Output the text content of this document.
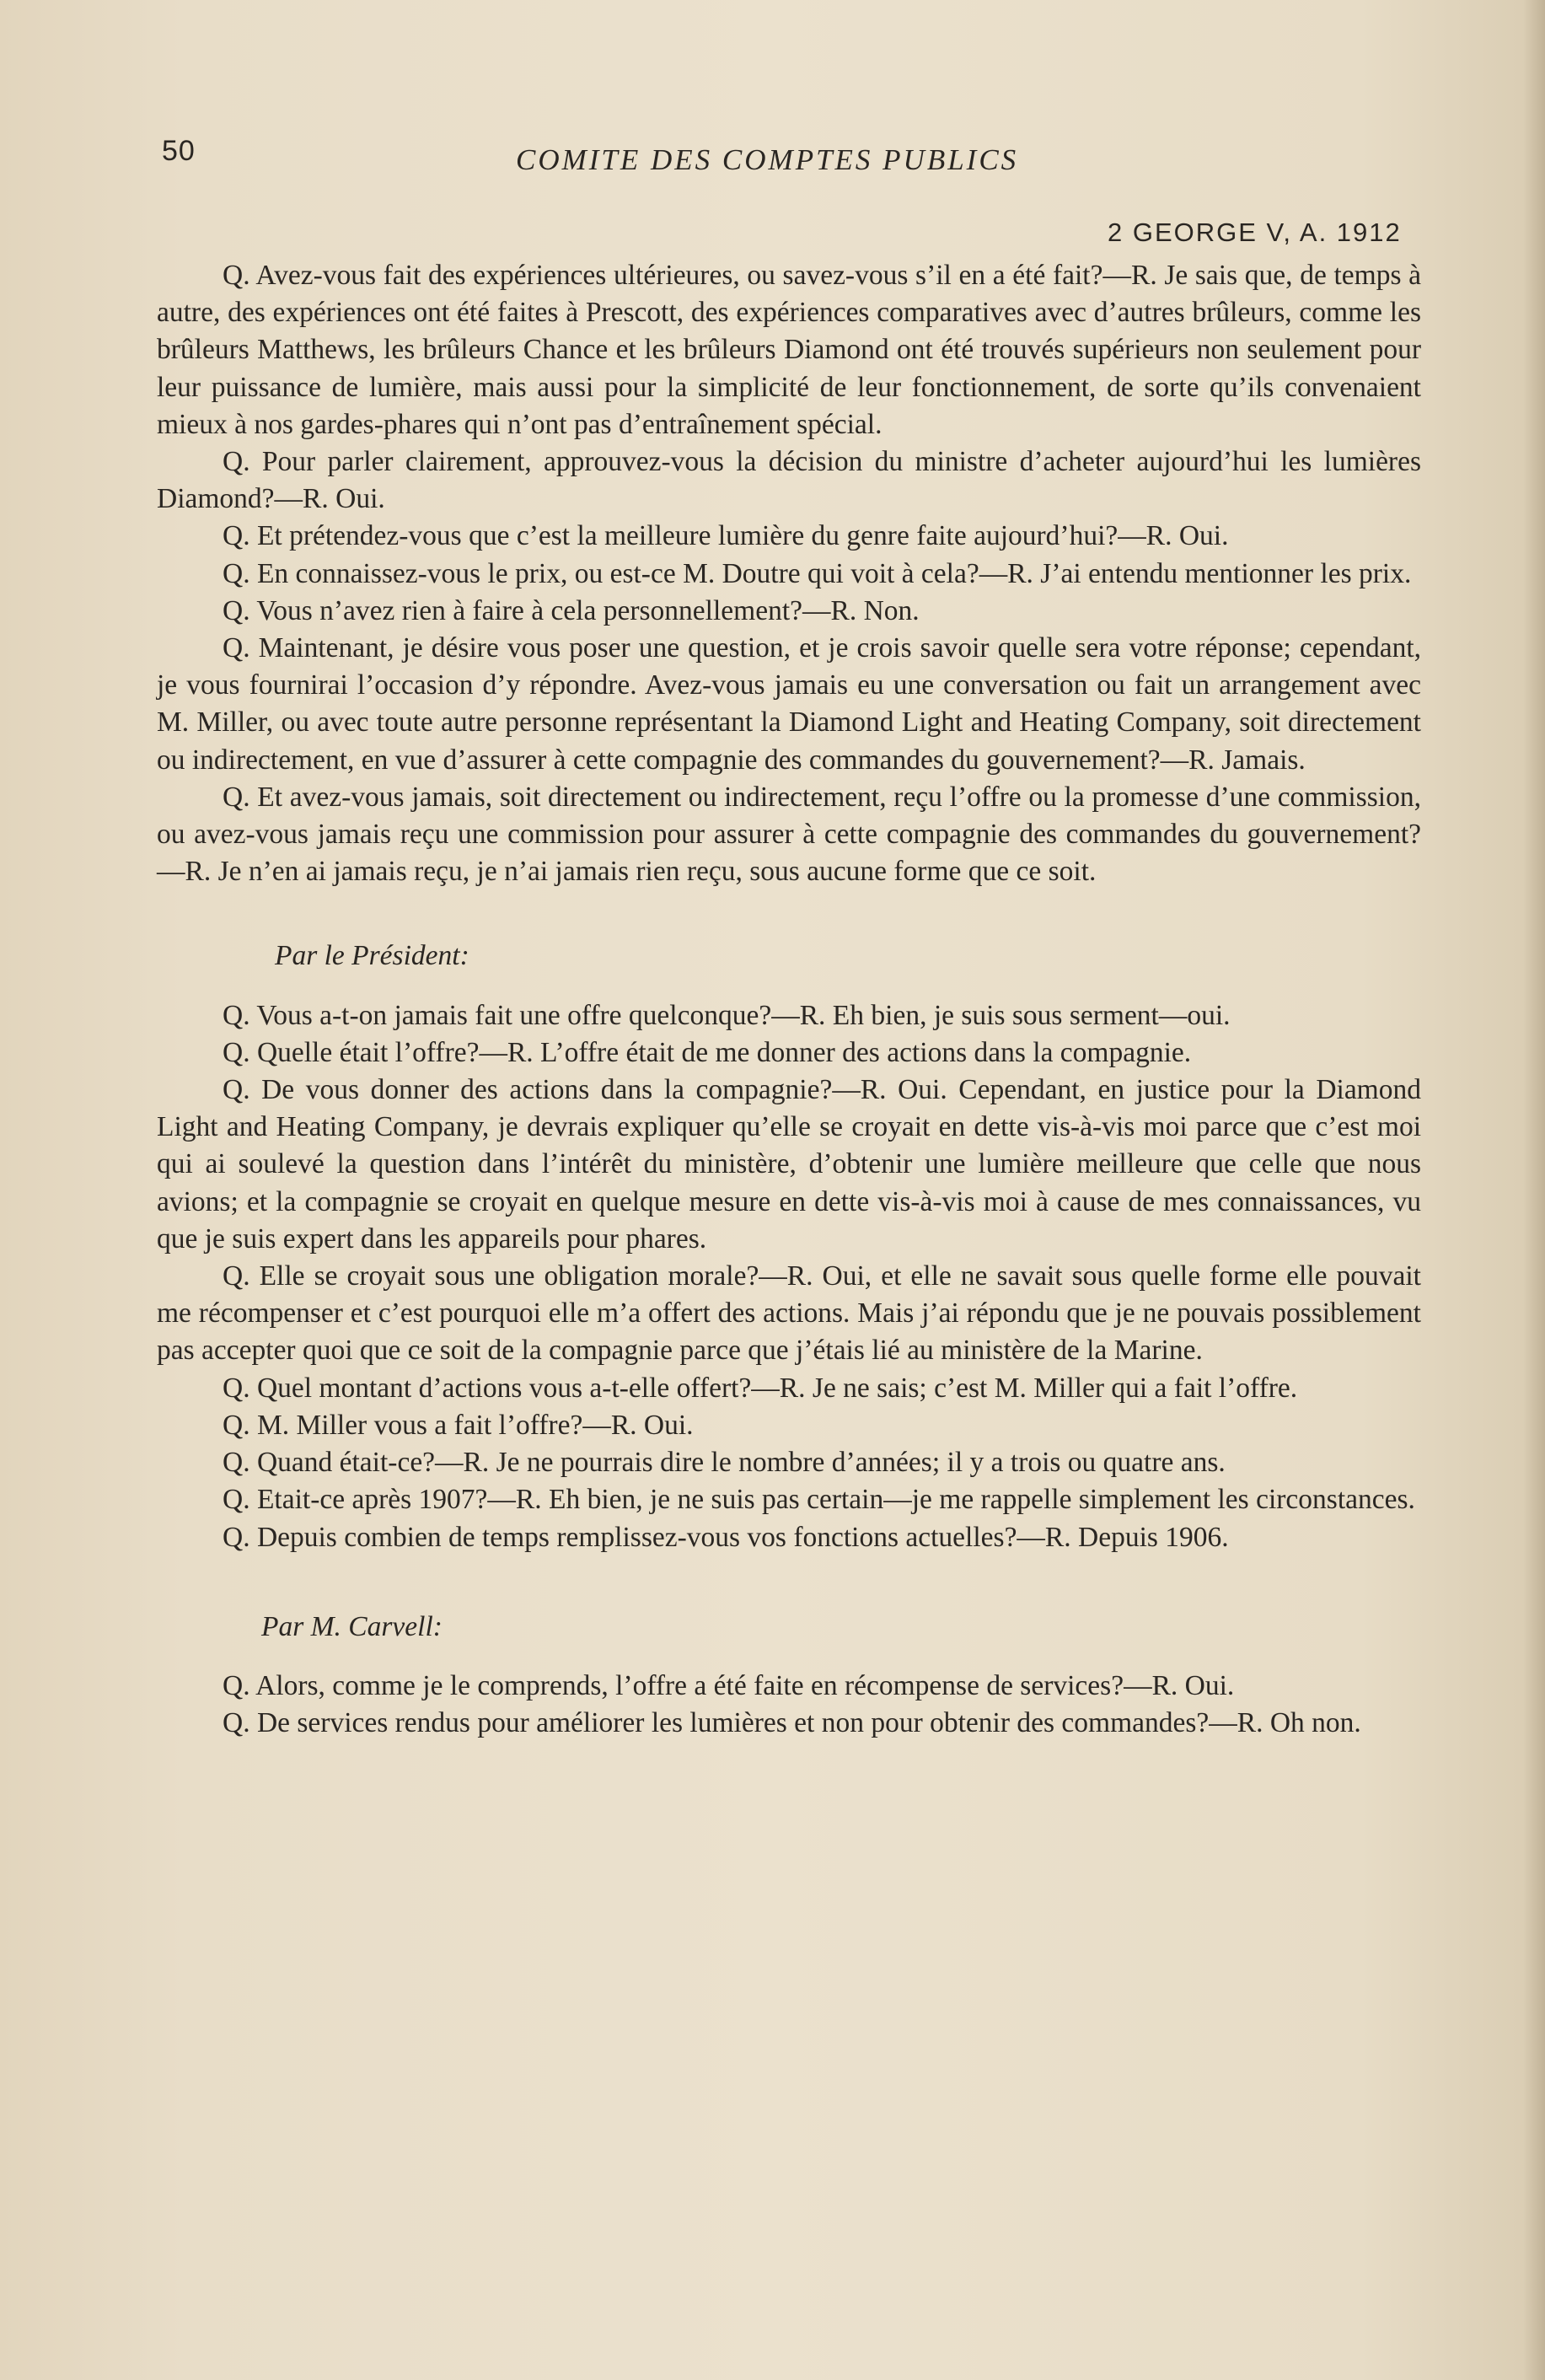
50	COMITE DES COMPTES PUBLICS
2 GEORGE V, A. 1912

Q. Avez-vous fait des expériences ultérieures, ou savez-vous s’il en a été fait?—R. Je sais que, de temps à autre, des expériences ont été faites à Prescott, des expériences comparatives avec d’autres brûleurs, comme les brûleurs Matthews, les brûleurs Chance et les brûleurs Diamond ont été trouvés supérieurs non seulement pour leur puissance de lumière, mais aussi pour la simplicité de leur fonctionnement, de sorte qu’ils convenaient mieux à nos gardes-phares qui n’ont pas d’entraînement spécial.

Q. Pour parler clairement, approuvez-vous la décision du ministre d’acheter aujourd’hui les lumières Diamond?—R. Oui.

Q. Et prétendez-vous que c’est la meilleure lumière du genre faite aujourd’hui?—R. Oui.

Q. En connaissez-vous le prix, ou est-ce M. Doutre qui voit à cela?—R. J’ai entendu mentionner les prix.

Q. Vous n’avez rien à faire à cela personnellement?—R. Non.

Q. Maintenant, je désire vous poser une question, et je crois savoir quelle sera votre réponse; cependant, je vous fournirai l’occasion d’y répondre. Avez-vous jamais eu une conversation ou fait un arrangement avec M. Miller, ou avec toute autre personne représentant la Diamond Light and Heating Company, soit directement ou indirectement, en vue d’assurer à cette compagnie des commandes du gouvernement?—R. Jamais.

Q. Et avez-vous jamais, soit directement ou indirectement, reçu l’offre ou la promesse d’une commission, ou avez-vous jamais reçu une commission pour assurer à cette compagnie des commandes du gouvernement?—R. Je n’en ai jamais reçu, je n’ai jamais rien reçu, sous aucune forme que ce soit.

Par le Président:

Q. Vous a-t-on jamais fait une offre quelconque?—R. Eh bien, je suis sous serment—oui.

Q. Quelle était l’offre?—R. L’offre était de me donner des actions dans la compagnie.

Q. De vous donner des actions dans la compagnie?—R. Oui. Cependant, en justice pour la Diamond Light and Heating Company, je devrais expliquer qu’elle se croyait en dette vis-à-vis moi parce que c’est moi qui ai soulevé la question dans l’intérêt du ministère, d’obtenir une lumière meilleure que celle que nous avions; et la compagnie se croyait en quelque mesure en dette vis-à-vis moi à cause de mes connaissances, vu que je suis expert dans les appareils pour phares.

Q. Elle se croyait sous une obligation morale?—R. Oui, et elle ne savait sous quelle forme elle pouvait me récompenser et c’est pourquoi elle m’a offert des actions. Mais j’ai répondu que je ne pouvais possiblement pas accepter quoi que ce soit de la compagnie parce que j’étais lié au ministère de la Marine.

Q. Quel montant d’actions vous a-t-elle offert?—R. Je ne sais; c’est M. Miller qui a fait l’offre.

Q. M. Miller vous a fait l’offre?—R. Oui.

Q. Quand était-ce?—R. Je ne pourrais dire le nombre d’années; il y a trois ou quatre ans.

Q. Etait-ce après 1907?—R. Eh bien, je ne suis pas certain—je me rappelle simplement les circonstances.

Q. Depuis combien de temps remplissez-vous vos fonctions actuelles?—R. Depuis 1906.

Par M. Carvell:

Q. Alors, comme je le comprends, l’offre a été faite en récompense de services?—R. Oui.

Q. De services rendus pour améliorer les lumières et non pour obtenir des commandes?—R. Oh non.
